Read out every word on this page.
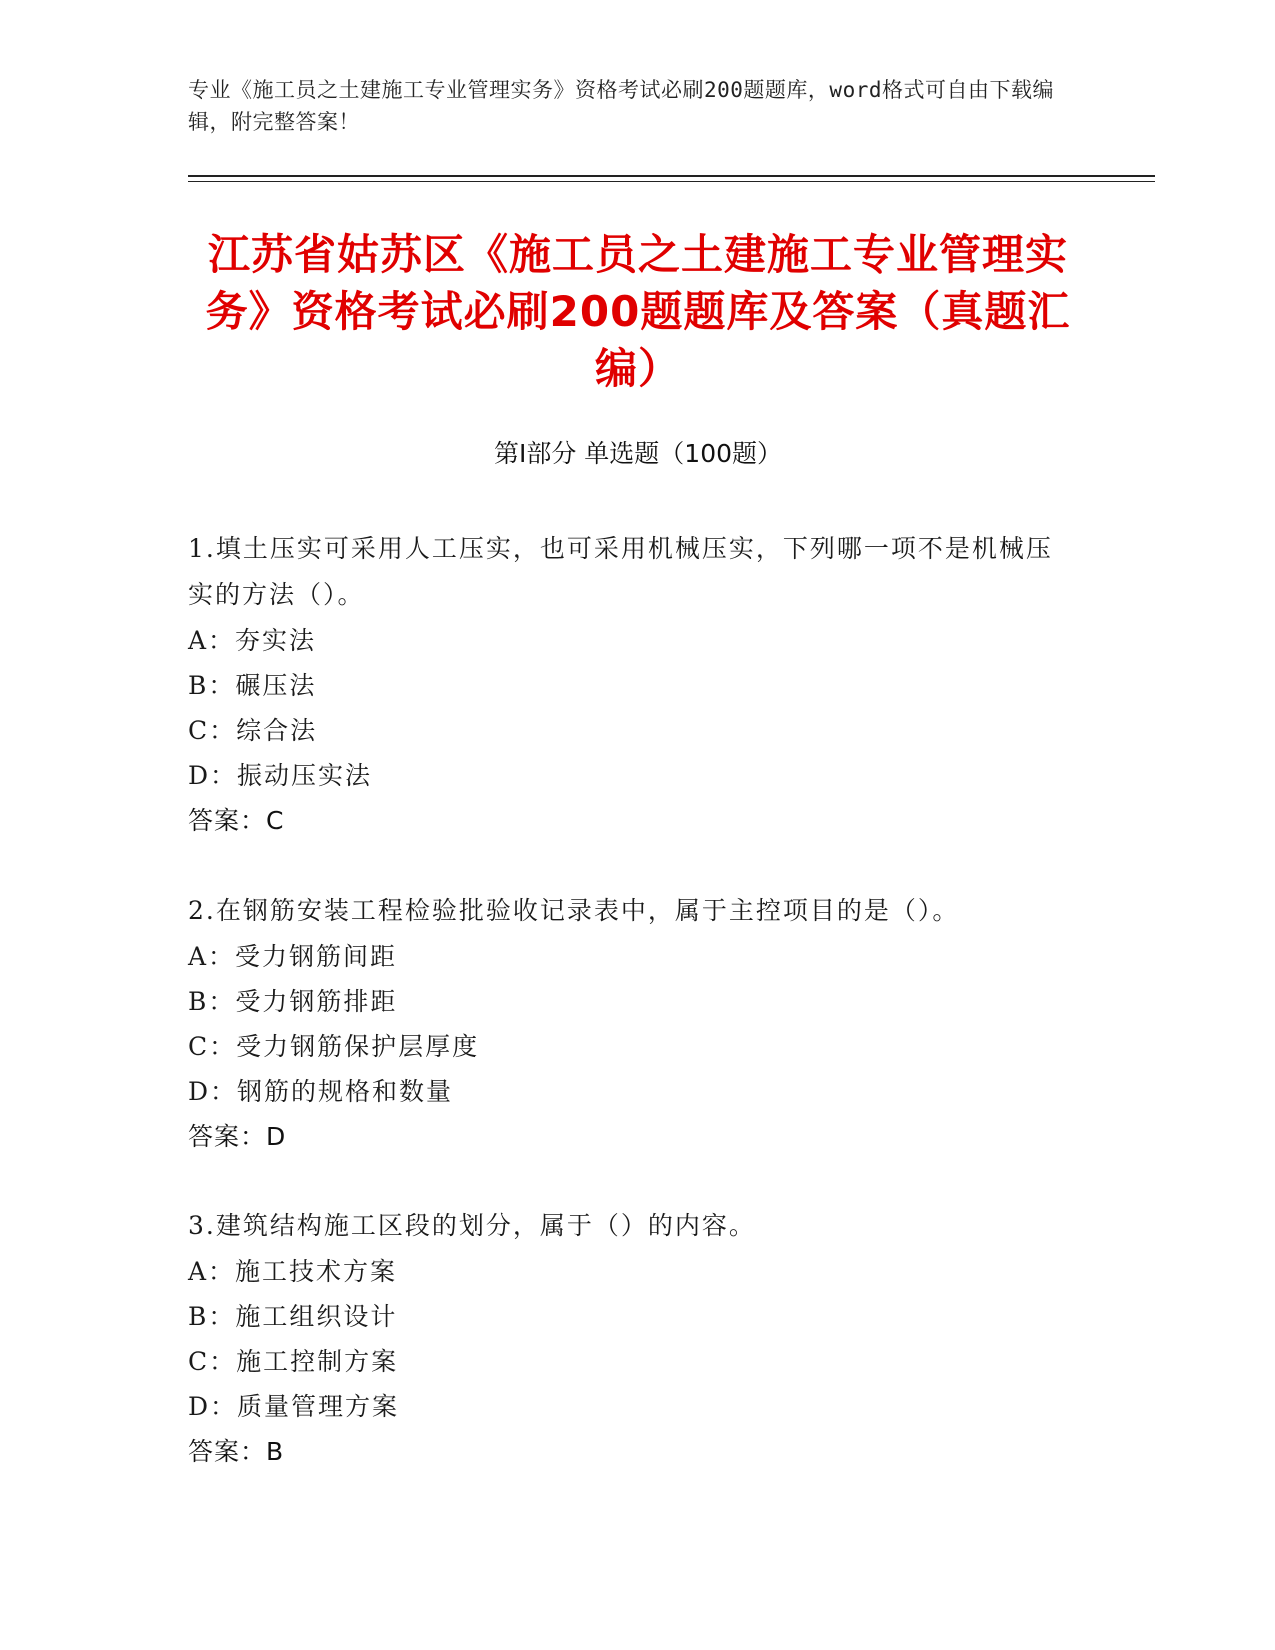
专业《施工员之土建施工专业管理实务》资格考试必刷200题题库，word格式可自由下载编辑，附完整答案！
江苏省姑苏区《施工员之土建施工专业管理实务》资格考试必刷200题题库及答案（真题汇编）
第Ⅰ部分 单选题（100题）
1.填土压实可采用人工压实，也可采用机械压实，下列哪一项不是机械压实的方法（）。
A：夯实法
B：碾压法
C：综合法
D：振动压实法
答案：C
2.在钢筋安装工程检验批验收记录表中，属于主控项目的是（）。
A：受力钢筋间距
B：受力钢筋排距
C：受力钢筋保护层厚度
D：钢筋的规格和数量
答案：D
3.建筑结构施工区段的划分，属于（）的内容。
A：施工技术方案
B：施工组织设计
C：施工控制方案
D：质量管理方案
答案：B
